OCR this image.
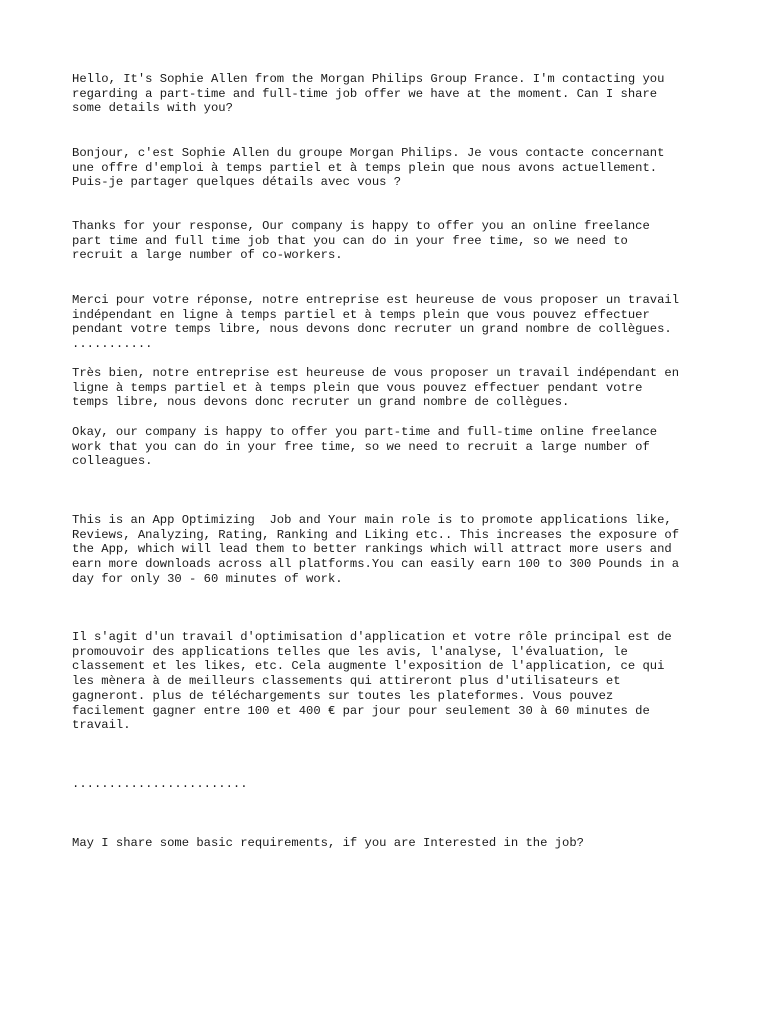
Hello, It's Sophie Allen from the Morgan Philips Group France. I'm contacting you
regarding a part-time and full-time job offer we have at the moment. Can I share
some details with you?

Bonjour, c'est Sophie Allen du groupe Morgan Philips. Je vous contacte concernant
une offre d'emploi à temps partiel et à temps plein que nous avons actuellement.
Puis-je partager quelques détails avec vous ?

Thanks for your response, Our company is happy to offer you an online freelance
part time and full time job that you can do in your free time, so we need to
recruit a large number of co-workers.

Merci pour votre réponse, notre entreprise est heureuse de vous proposer un travail
indépendant en ligne à temps partiel et à temps plein que vous pouvez effectuer
pendant votre temps libre, nous devons donc recruter un grand nombre de collègues.
...........

Très bien, notre entreprise est heureuse de vous proposer un travail indépendant en
ligne à temps partiel et à temps plein que vous pouvez effectuer pendant votre
temps libre, nous devons donc recruter un grand nombre de collègues.

Okay, our company is happy to offer you part-time and full-time online freelance
work that you can do in your free time, so we need to recruit a large number of
colleagues.

This is an App Optimizing  Job and Your main role is to promote applications like,
Reviews, Analyzing, Rating, Ranking and Liking etc.. This increases the exposure of
the App, which will lead them to better rankings which will attract more users and
earn more downloads across all platforms.You can easily earn 100 to 300 Pounds in a
day for only 30 - 60 minutes of work.

Il s'agit d'un travail d'optimisation d'application et votre rôle principal est de
promouvoir des applications telles que les avis, l'analyse, l'évaluation, le
classement et les likes, etc. Cela augmente l'exposition de l'application, ce qui
les mènera à de meilleurs classements qui attireront plus d'utilisateurs et
gagneront. plus de téléchargements sur toutes les plateformes. Vous pouvez
facilement gagner entre 100 et 400 € par jour pour seulement 30 à 60 minutes de
travail.

........................

May I share some basic requirements, if you are Interested in the job?
